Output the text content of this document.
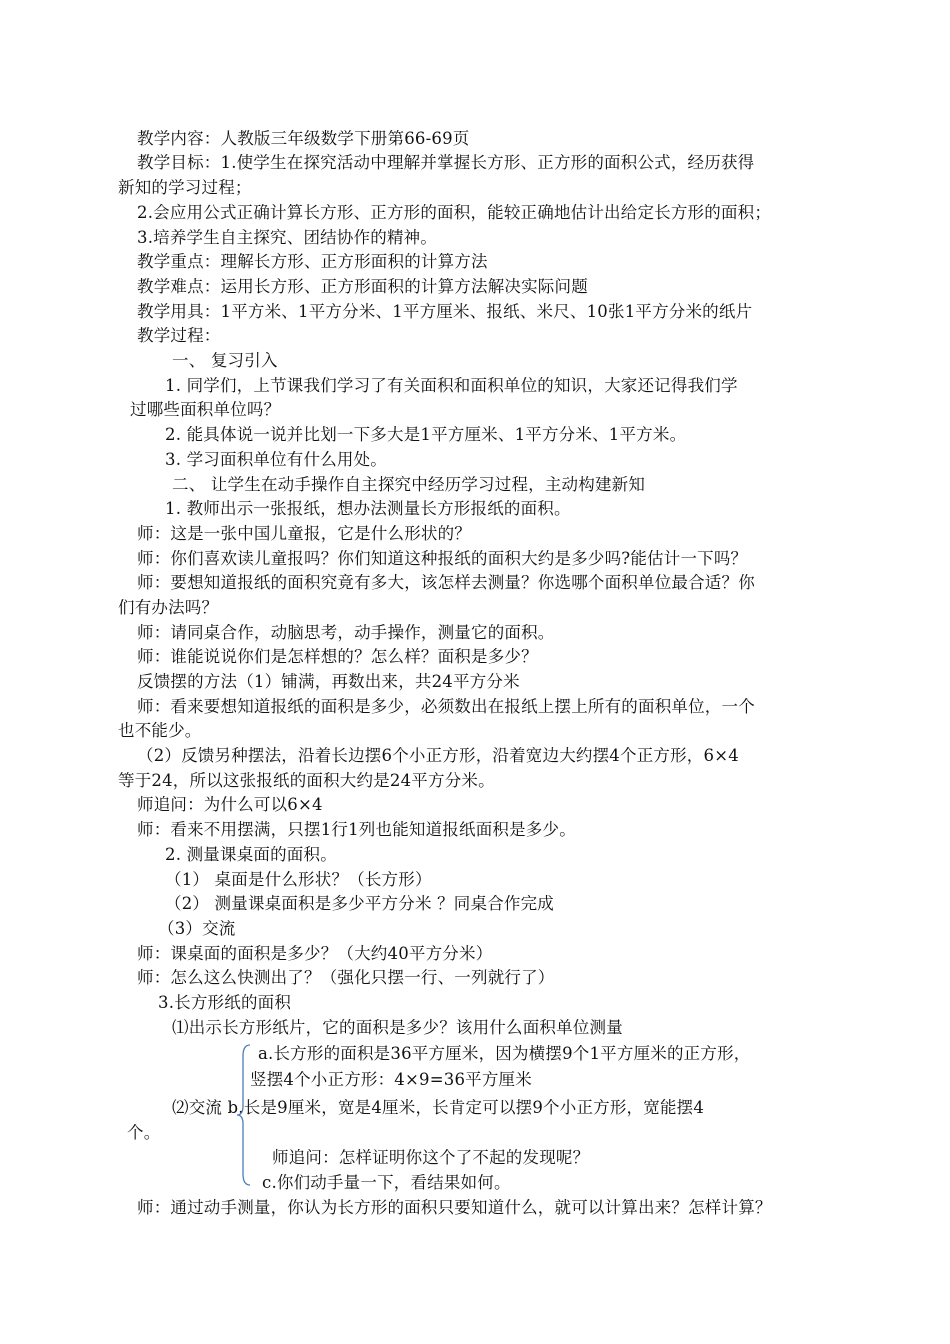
教学内容：人教版三年级数学下册第66-69页
教学目标：1.使学生在探究活动中理解并掌握长方形、正方形的面积公式，经历获得
新知的学习过程；
2.会应用公式正确计算长方形、正方形的面积，能较正确地估计出给定长方形的面积；
3.培养学生自主探究、团结协作的精神。
教学重点：理解长方形、正方形面积的计算方法
教学难点：运用长方形、正方形面积的计算方法解决实际问题
教学用具：1平方米、1平方分米、1平方厘米、报纸、米尺、10张1平方分米的纸片
教学过程：
一、 复习引入
1. 同学们，上节课我们学习了有关面积和面积单位的知识，大家还记得我们学
过哪些面积单位吗？
2. 能具体说一说并比划一下多大是1平方厘米、1平方分米、1平方米。
3. 学习面积单位有什么用处。
二、 让学生在动手操作自主探究中经历学习过程，主动构建新知
1. 教师出示一张报纸，想办法测量长方形报纸的面积。
师：这是一张中国儿童报，它是什么形状的？
师：你们喜欢读儿童报吗？你们知道这种报纸的面积大约是多少吗?能估计一下吗？
师：要想知道报纸的面积究竟有多大，该怎样去测量？你选哪个面积单位最合适？你
们有办法吗？
师：请同桌合作，动脑思考，动手操作，测量它的面积。
师：谁能说说你们是怎样想的？怎么样？面积是多少？
反馈摆的方法（1）铺满，再数出来，共24平方分米
师：看来要想知道报纸的面积是多少，必须数出在报纸上摆上所有的面积单位，一个
也不能少。
（2）反馈另种摆法，沿着长边摆6个小正方形，沿着宽边大约摆4个正方形，6×4
等于24，所以这张报纸的面积大约是24平方分米。
师追问：为什么可以6×4
师：看来不用摆满，只摆1行1列也能知道报纸面积是多少。
2. 测量课桌面的面积。
（1） 桌面是什么形状？（长方形）
（2） 测量课桌面积是多少平方分米 ？同桌合作完成
（3）交流
师：课桌面的面积是多少？（大约40平方分米）
师：怎么这么快测出了？（强化只摆一行、一列就行了）
3.长方形纸的面积
⑴出示长方形纸片，它的面积是多少？该用什么面积单位测量
a.长方形的面积是36平方厘米，因为横摆9个1平方厘米的正方形，
竖摆4个小正方形：4×9=36平方厘米
⑵交流 b.长是9厘米，宽是4厘米，长肯定可以摆9个小正方形，宽能摆4
个。
师追问：怎样证明你这个了不起的发现呢？
c.你们动手量一下，看结果如何。
师：通过动手测量，你认为长方形的面积只要知道什么，就可以计算出来？怎样计算？
